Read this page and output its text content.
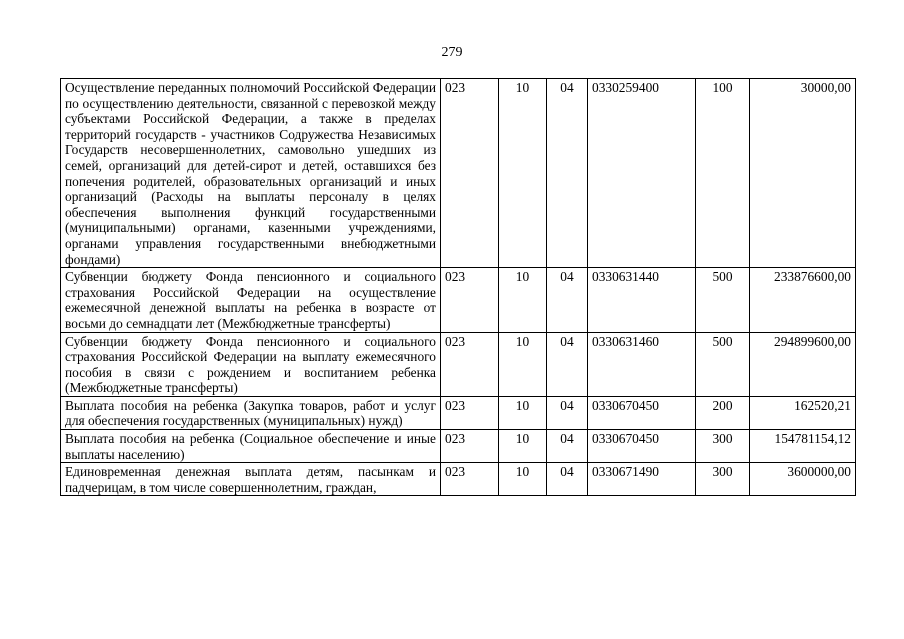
279
Осуществление переданных полномочий Российской Федерации по осуществлению деятельности, связанной с перевозкой между субъектами Российской Федерации, а также в пределах территорий государств - участников Содружества Независимых Государств несовершеннолетних, самовольно ушедших из семей, организаций для детей-сирот и детей, оставшихся без попечения родителей, образовательных организаций и иных организаций (Расходы на выплаты персоналу в целях обеспечения выполнения функций государственными (муниципальными) органами, казенными учреждениями, органами управления государственными внебюджетными фондами)	023	10	04	0330259400	100	30000,00
Субвенции бюджету Фонда пенсионного и социального страхования Российской Федерации на осуществление ежемесячной денежной выплаты на ребенка в возрасте от восьми до семнадцати лет (Межбюджетные трансферты)	023	10	04	0330631440	500	233876600,00
Субвенции бюджету Фонда пенсионного и социального страхования Российской Федерации на выплату ежемесячного пособия в связи с рождением и воспитанием ребенка (Межбюджетные трансферты)	023	10	04	0330631460	500	294899600,00
Выплата пособия на ребенка (Закупка товаров, работ и услуг для обеспечения государственных (муниципальных) нужд)	023	10	04	0330670450	200	162520,21
Выплата пособия на ребенка (Социальное обеспечение и иные выплаты населению)	023	10	04	0330670450	300	154781154,12
Единовременная денежная выплата детям, пасынкам и падчерицам, в том числе совершеннолетним, граждан,	023	10	04	0330671490	300	3600000,00
